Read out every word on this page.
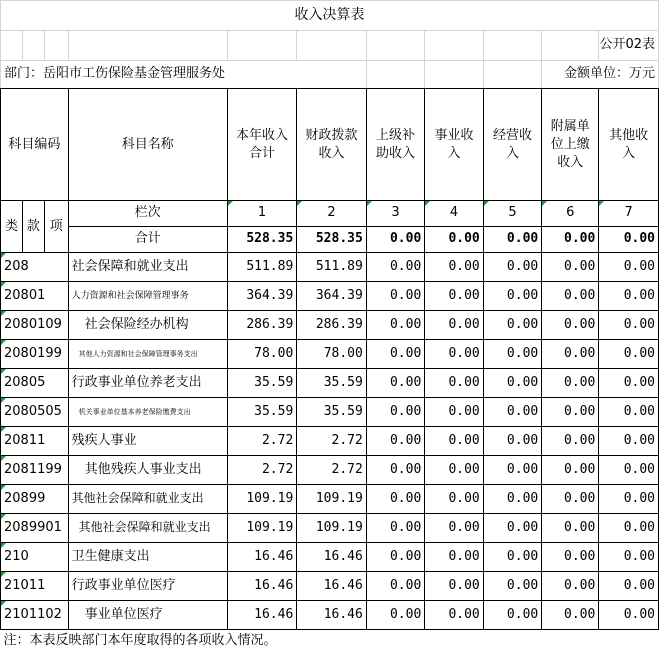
收入决算表										
										公开02表
部门：岳阳市工伤保险基金管理服务处									金额单位：万元	
科目编码			科目名称	本年收入合计	财政拨款收入	上级补助收入	事业收入	经营收入	附属单位上缴收入	其他收入

类	款	项	栏次	1	2	3	4	5	6	7
			合计	528.35	528.35	0.00	0.00	0.00	0.00	0.00
208			社会保障和就业支出	511.89	511.89	0.00	0.00	0.00	0.00	0.00
20801			人力资源和社会保障管理事务	364.39	364.39	0.00	0.00	0.00	0.00	0.00
2080109			社会保险经办机构	286.39	286.39	0.00	0.00	0.00	0.00	0.00
2080199			其他人力资源和社会保障管理事务支出	78.00	78.00	0.00	0.00	0.00	0.00	0.00
20805			行政事业单位养老支出	35.59	35.59	0.00	0.00	0.00	0.00	0.00
2080505			机关事业单位基本养老保险缴费支出	35.59	35.59	0.00	0.00	0.00	0.00	0.00
20811			残疾人事业	2.72	2.72	0.00	0.00	0.00	0.00	0.00
2081199			其他残疾人事业支出	2.72	2.72	0.00	0.00	0.00	0.00	0.00
20899			其他社会保障和就业支出	109.19	109.19	0.00	0.00	0.00	0.00	0.00
2089901			其他社会保障和就业支出	109.19	109.19	0.00	0.00	0.00	0.00	0.00
210			卫生健康支出	16.46	16.46	0.00	0.00	0.00	0.00	0.00
21011			行政事业单位医疗	16.46	16.46	0.00	0.00	0.00	0.00	0.00
2101102			事业单位医疗	16.46	16.46	0.00	0.00	0.00	0.00	0.00
注：本表反映部门本年度取得的各项收入情况。										
